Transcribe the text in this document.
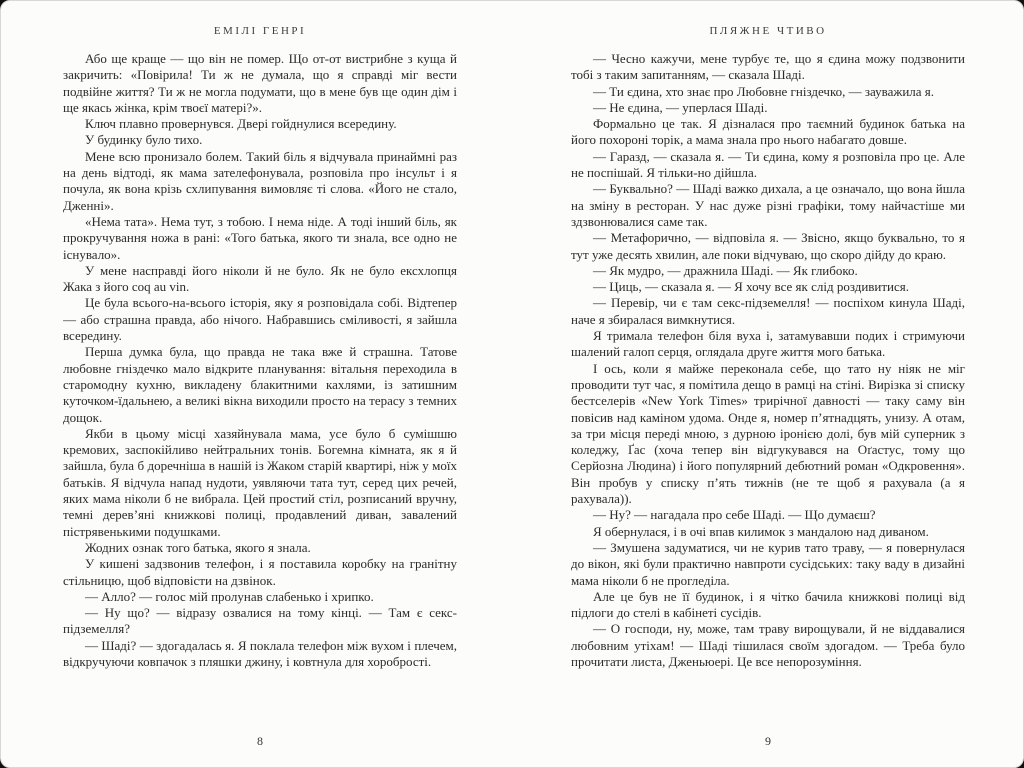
ЕМІЛІ ГЕНРІ

Або ще краще — що він не помер. Що от-от вистрибне з куща й закричить: «Повірила! Ти ж не думала, що я справді міг вести подвійне життя? Ти ж не могла подумати, що в мене був ще один дім і ще якась жінка, крім твоєї матері?».

Ключ плавно провернувся. Двері гойднулися всередину.

У будинку було тихо.

Мене всю пронизало болем. Такий біль я відчувала принаймні раз на день відтоді, як мама зателефонувала, розповіла про інсульт і я почула, як вона крізь схлипування вимовляє ті слова. «Його не стало, Дженні».

«Нема тата». Нема тут, з тобою. І нема ніде. А тоді інший біль, як прокручування ножа в рані: «Того батька, якого ти знала, все одно не існувало».

У мене насправді його ніколи й не було. Як не було ексхлопця Жака з його coq au vin.

Це була всього-на-всього історія, яку я розповідала собі. Відтепер — або страшна правда, або нічого. Набравшись сміливості, я зайшла всередину.

Перша думка була, що правда не така вже й страшна. Татове любовне гніздечко мало відкрите планування: вітальня переходила в старомодну кухню, викладену блакитними кахлями, із затишним куточком-їдальнею, а великі вікна виходили просто на терасу з темних дощок.

Якби в цьому місці хазяйнувала мама, усе було б сумішшю кремових, заспокійливо нейтральних тонів. Богемна кімната, як я й зайшла, була б доречніша в нашій із Жаком старій квартирі, ніж у моїх батьків. Я відчула напад нудоти, уявляючи тата тут, серед цих речей, яких мама ніколи б не вибрала. Цей простий стіл, розписаний вручну, темні дерев’яні книжкові полиці, продавлений диван, завалений пістрявенькими подушками.

Жодних ознак того батька, якого я знала.

У кишені задзвонив телефон, і я поставила коробку на гранітну стільницю, щоб відповісти на дзвінок.

— Алло? — голос мій пролунав слабенько і хрипко.

— Ну що? — відразу озвалися на тому кінці. — Там є секс-підземелля?

— Шаді? — здогадалась я. Я поклала телефон між вухом і плечем, відкручуючи ковпачок з пляшки джину, і ковтнула для хоробрості.

8
ПЛЯЖНЕ ЧТИВО

— Чесно кажучи, мене турбує те, що я єдина можу подзвонити тобі з таким запитанням, — сказала Шаді.

— Ти єдина, хто знає про Любовне гніздечко, — зауважила я.

— Не єдина, — уперлася Шаді.

Формально це так. Я дізналася про таємний будинок батька на його похороні торік, а мама знала про нього набагато довше.

— Гаразд, — сказала я. — Ти єдина, кому я розповіла про це. Але не поспішай. Я тільки-но дійшла.

— Буквально? — Шаді важко дихала, а це означало, що вона йшла на зміну в ресторан. У нас дуже різні графіки, тому найчастіше ми здзвонювалися саме так.

— Метафорично, — відповіла я. — Звісно, якщо буквально, то я тут уже десять хвилин, але поки відчуваю, що скоро дійду до краю.

— Як мудро, — дражнила Шаді. — Як глибоко.

— Циць, — сказала я. — Я хочу все як слід роздивитися.

— Перевір, чи є там секс-підземелля! — поспіхом кинула Шаді, наче я збиралася вимкнутися.

Я тримала телефон біля вуха і, затамувавши подих і стримуючи шалений галоп серця, оглядала друге життя мого батька.

І ось, коли я майже переконала себе, що тато ну ніяк не міг проводити тут час, я помітила дещо в рамці на стіні. Вирізка зі списку бестселерів «New York Times» трирічної давності — таку саму він повісив над каміном удома. Онде я, номер п’ятнадцять, унизу. А отам, за три місця переді мною, з дурною іронією долі, був мій суперник з коледжу, Ґас (хоча тепер він відгукувався на Оґастус, тому що Серйозна Людина) і його популярний дебютний роман «Одкровення». Він пробув у списку п’ять тижнів (не те щоб я рахувала (а я рахувала)).

— Ну? — нагадала про себе Шаді. — Що думаєш?

Я обернулася, і в очі впав килимок з мандалою над диваном.

— Змушена задуматися, чи не курив тато траву, — я повернулася до вікон, які були практично навпроти сусідських: таку ваду в дизайні мама ніколи б не прогледіла.

Але це був не її будинок, і я чітко бачила книжкові полиці від підлоги до стелі в кабінеті сусідів.

— О господи, ну, може, там траву вирощували, й не віддавалися любовним утіхам! — Шаді тішилася своїм здогадом. — Треба було прочитати листа, Дженьюері. Це все непорозуміння.

9
